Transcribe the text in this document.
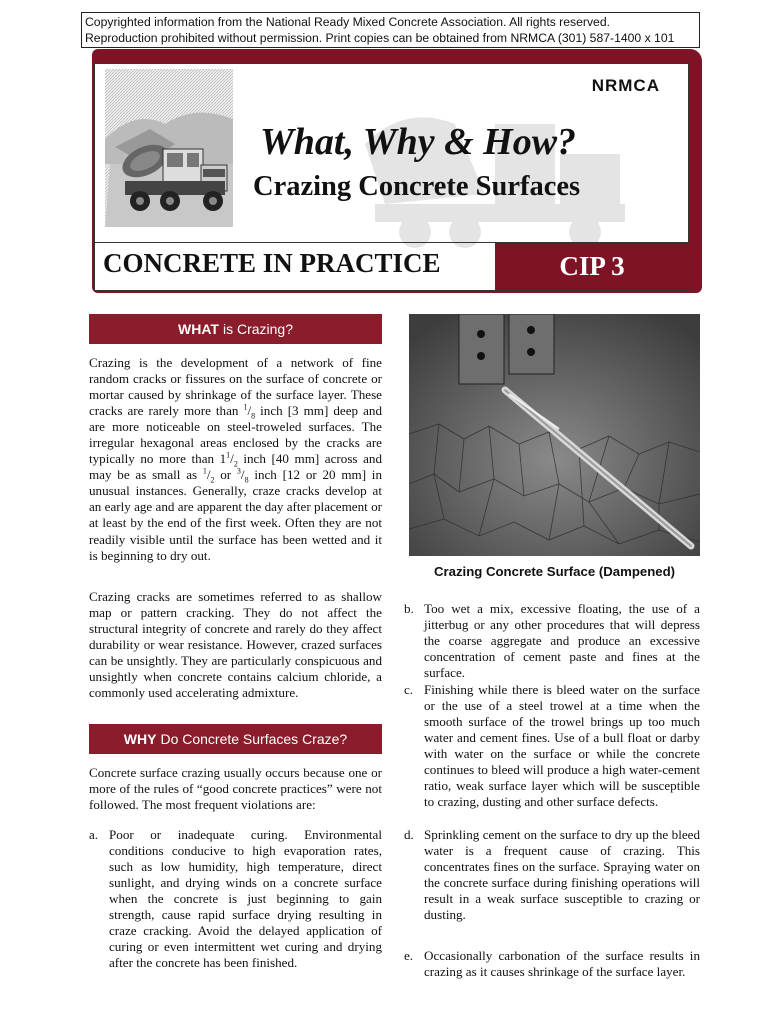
Copyrighted information from the National Ready Mixed Concrete Association. All rights reserved.
Reproduction prohibited without permission. Print copies can be obtained from NRMCA (301) 587-1400 x 101
NRMCA
What, Why & How?
Crazing Concrete Surfaces
CONCRETE IN PRACTICE	CIP 3
WHAT is Crazing?

Crazing is the development of a network of fine random cracks or fissures on the surface of concrete or mortar caused by shrinkage of the surface layer. These cracks are rarely more than $^1/_8$ inch [3 mm] deep and are more noticeable on steel-troweled surfaces. The irregular hexagonal areas enclosed by the cracks are typically no more than $1^1/_2$ inch [40 mm] across and may be as small as $^1/_2$ or $^3/_8$ inch [12 or 20 mm] in unusual instances. Generally, craze cracks develop at an early age and are apparent the day after placement or at least by the end of the first week. Often they are not readily visible until the surface has been wetted and it is beginning to dry out.

Crazing cracks are sometimes referred to as shallow map or pattern cracking. They do not affect the structural integrity of concrete and rarely do they affect durability or wear resistance. However, crazed surfaces can be unsightly. They are particularly conspicuous and unsightly when concrete contains calcium chloride, a commonly used accelerating admixture.

WHY Do Concrete Surfaces Craze?

Concrete surface crazing usually occurs because one or more of the rules of “good concrete practices” were not followed. The most frequent violations are:

a. Poor or inadequate curing. Environmental conditions conducive to high evaporation rates, such as low humidity, high temperature, direct sunlight, and drying winds on a concrete surface when the concrete is just beginning to gain strength, cause rapid surface drying resulting in craze cracking. Avoid the delayed application of curing or even intermittent wet curing and drying after the concrete has been finished.
Crazing Concrete Surface (Dampened)
b. Too wet a mix, excessive floating, the use of a jitterbug or any other procedures that will depress the coarse aggregate and produce an excessive concentration of cement paste and fines at the surface.
c. Finishing while there is bleed water on the surface or the use of a steel trowel at a time when the smooth surface of the trowel brings up too much water and cement fines. Use of a bull float or darby with water on the surface or while the concrete continues to bleed will produce a high water-cement ratio, weak surface layer which will be susceptible to crazing, dusting and other surface defects.
d. Sprinkling cement on the surface to dry up the bleed water is a frequent cause of crazing. This concentrates fines on the surface. Spraying water on the concrete surface during finishing operations will result in a weak surface susceptible to crazing or dusting.
e. Occasionally carbonation of the surface results in crazing as it causes shrinkage of the surface layer.
